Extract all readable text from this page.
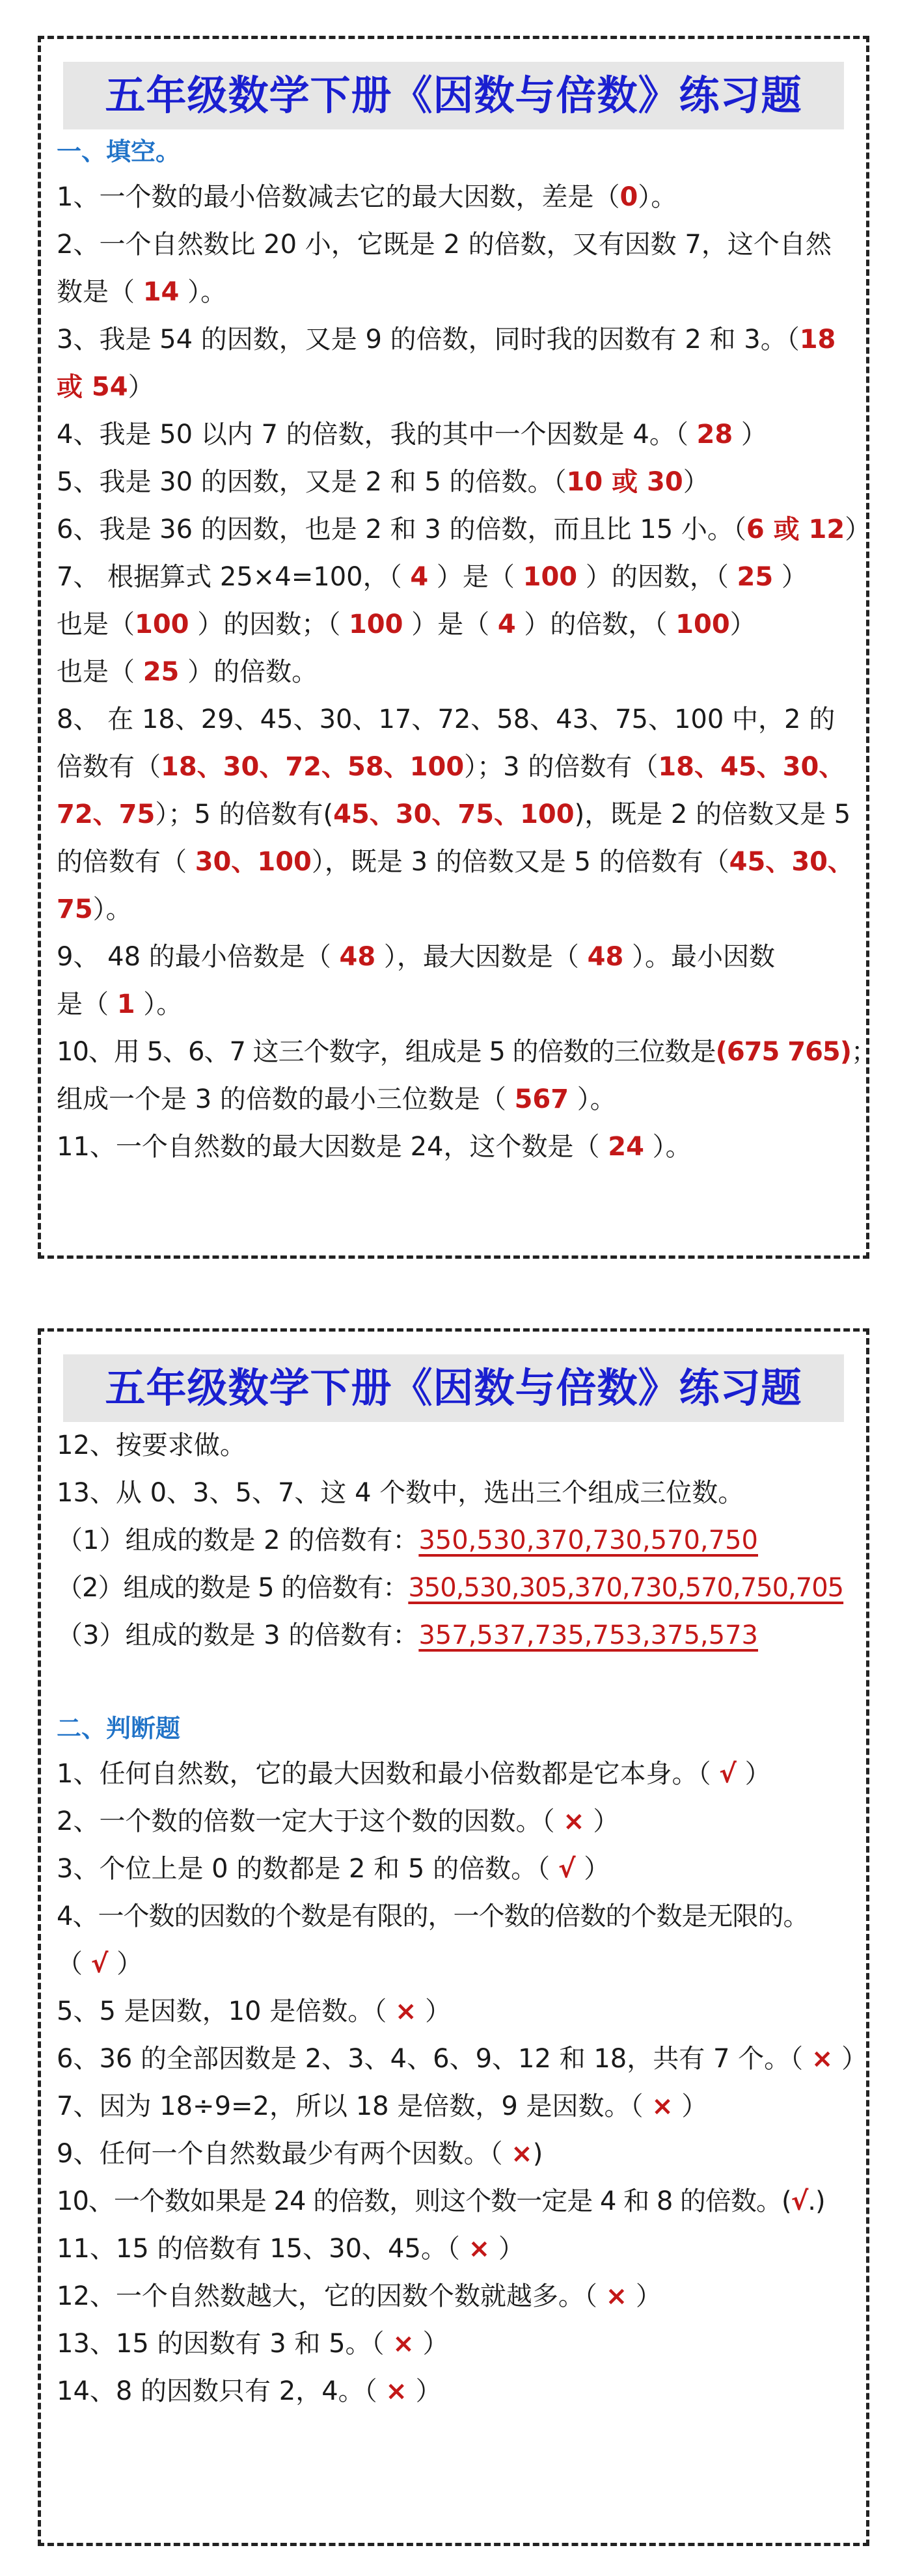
五年级数学下册《因数与倍数》练习题
一、填空。
1、一个数的最小倍数减去它的最大因数，差是（0）。
2、一个自然数比 20 小，它既是 2 的倍数，又有因数 7，这个自然
数是（ 14 ）。
3、我是 54 的因数，又是 9 的倍数，同时我的因数有 2 和 3。（18
或 54）
4、我是 50 以内 7 的倍数，我的其中一个因数是 4。（ 28 ）
5、我是 30 的因数，又是 2 和 5 的倍数。（10 或 30）
6、我是 36 的因数，也是 2 和 3 的倍数，而且比 15 小。（6 或 12）
7、 根据算式 25×4=100，（ 4 ）是（ 100 ）的因数，（ 25 ）
也是（100 ）的因数；（ 100 ）是（ 4 ）的倍数，（ 100）
也是（ 25 ）的倍数。
8、 在 18、29、45、30、17、72、58、43、75、100 中，2 的
倍数有（18、30、72、58、100）；3 的倍数有（18、45、30、
72、75）；5 的倍数有(45、30、75、100)，既是 2 的倍数又是 5
的倍数有（ 30、100），既是 3 的倍数又是 5 的倍数有（45、30、
75）。
9、 48 的最小倍数是（ 48 ），最大因数是（ 48 ）。最小因数
是（ 1 ）。
10、用 5、6、7 这三个数字，组成是 5 的倍数的三位数是(675 765)；
组成一个是 3 的倍数的最小三位数是（ 567 ）。
11、一个自然数的最大因数是 24，这个数是（ 24 ）。
五年级数学下册《因数与倍数》练习题
12、按要求做。
13、从 0、3、5、7、这 4 个数中，选出三个组成三位数。
（1）组成的数是 2 的倍数有：350,530,370,730,570,750
（2）组成的数是 5 的倍数有：350,530,305,370,730,570,750,705
（3）组成的数是 3 的倍数有：357,537,735,753,375,573
二、判断题
1、任何自然数，它的最大因数和最小倍数都是它本身。（ √ ）
2、一个数的倍数一定大于这个数的因数。（ × ）
3、个位上是 0 的数都是 2 和 5 的倍数。（ √ ）
4、一个数的因数的个数是有限的，一个数的倍数的个数是无限的。
（ √ ）
5、5 是因数，10 是倍数。（ × ）
6、36 的全部因数是 2、3、4、6、9、12 和 18，共有 7 个。（ × ）
7、因为 18÷9=2，所以 18 是倍数，9 是因数。（ × ）
9、任何一个自然数最少有两个因数。（ ×)
10、一个数如果是 24 的倍数，则这个数一定是 4 和 8 的倍数。(√.)
11、15 的倍数有 15、30、45。（ × ）
12、一个自然数越大，它的因数个数就越多。（ × ）
13、15 的因数有 3 和 5。（ × ）
14、8 的因数只有 2，4。（ × ）
